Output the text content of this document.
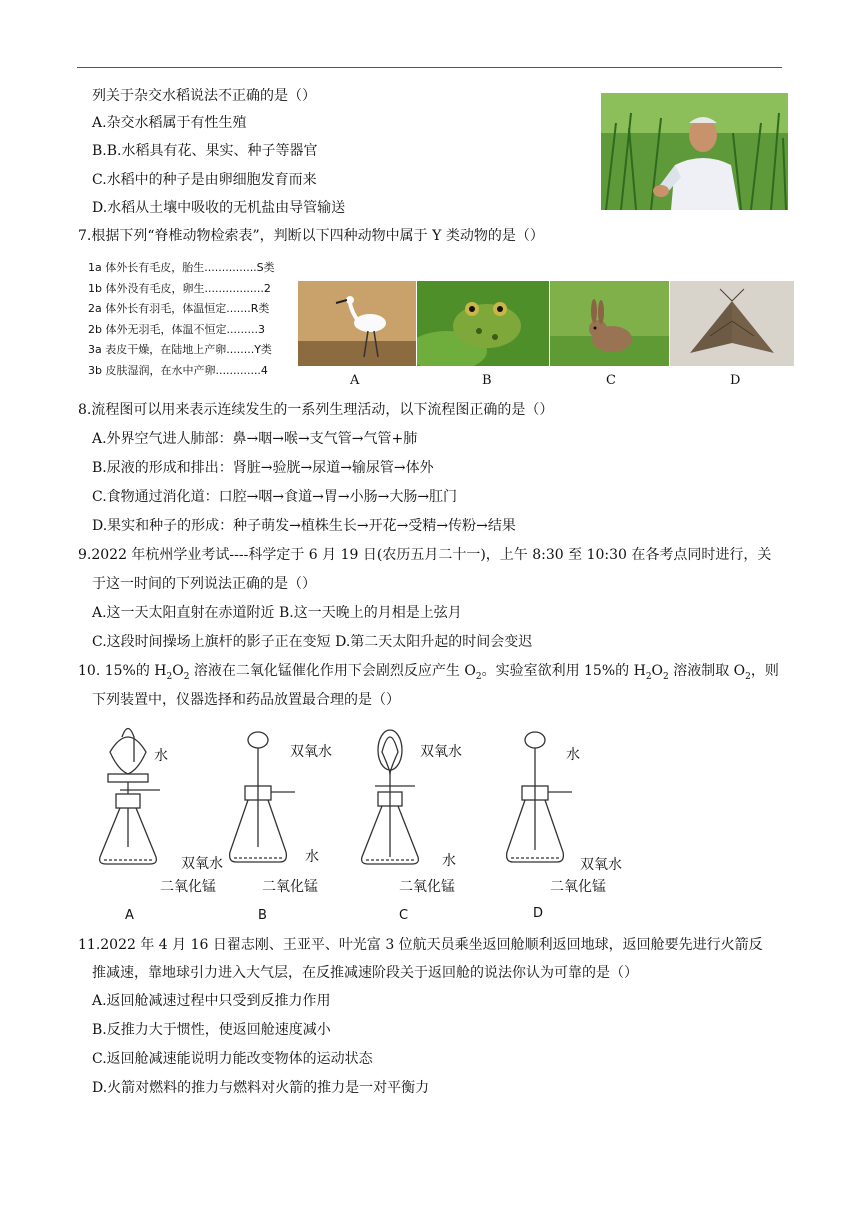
列关于杂交水稻说法不正确的是（）
A.杂交水稻属于有性生殖
B.B.水稻具有花、果实、种子等器官
C.水稻中的种子是由卵细胞发育而来
D.水稻从土壤中吸收的无机盐由导管输送
7.根据下列“脊椎动物检索表”，判断以下四种动物中属于 Y 类动物的是（）
1a 体外长有毛皮，胎生...............S类
1b 体外没有毛皮，卵生.................2
2a 体外长有羽毛，体温恒定.......R类
2b 体外无羽毛，体温不恒定.........3
3a 表皮干燥，在陆地上产卵........Y类
3b 皮肤湿润，在水中产卵.............4
A	B	C	D
8.流程图可以用来表示连续发生的一系列生理活动，以下流程图正确的是（）
A.外界空气进人肺部：鼻→咽→喉→支气管→气管+肺
B.尿液的形成和排出：肾脏→验胱→尿道→输尿管→体外
C.食物通过消化道：口腔→咽→食道→胃→小肠→大肠→肛门
D.果实和种子的形成：种子萌发→植株生长→开花→受精→传粉→结果
9.2022 年杭州学业考试----科学定于 6 月 19 日(农历五月二十一)，上午 8:30 至 10:30 在各考点同时进行，关
于这一时间的下列说法正确的是（）
A.这一天太阳直射在赤道附近 B.这一天晚上的月相是上弦月
C.这段时间操场上旗杆的影子正在变短 D.第二天太阳升起的时间会变迟
10. 15%的 $H_2O_2$ 溶液在二氧化锰催化作用下会剧烈反应产生 $O_2$。实验室欲利用 15%的 $H_2O_2$ 溶液制取 $O_2$，则
下列装置中，仪器选择和药品放置最合理的是（）
水
双氧水
二氧化锰
双氧水
水
二氧化锰
双氧水
水
二氧化锰
水
双氧水
二氧化锰
A	B	C	D
11.2022 年 4 月 16 日翟志刚、王亚平、叶光富 3 位航天员乘坐返回舱顺利返回地球，返回舱要先进行火箭反
推减速，靠地球引力进入大气层，在反推减速阶段关于返回舱的说法你认为可靠的是（）
A.返回舱减速过程中只受到反推力作用
B.反推力大于惯性，使返回舱速度减小
C.返回舱减速能说明力能改变物体的运动状态
D.火箭对燃料的推力与燃料对火箭的推力是一对平衡力
